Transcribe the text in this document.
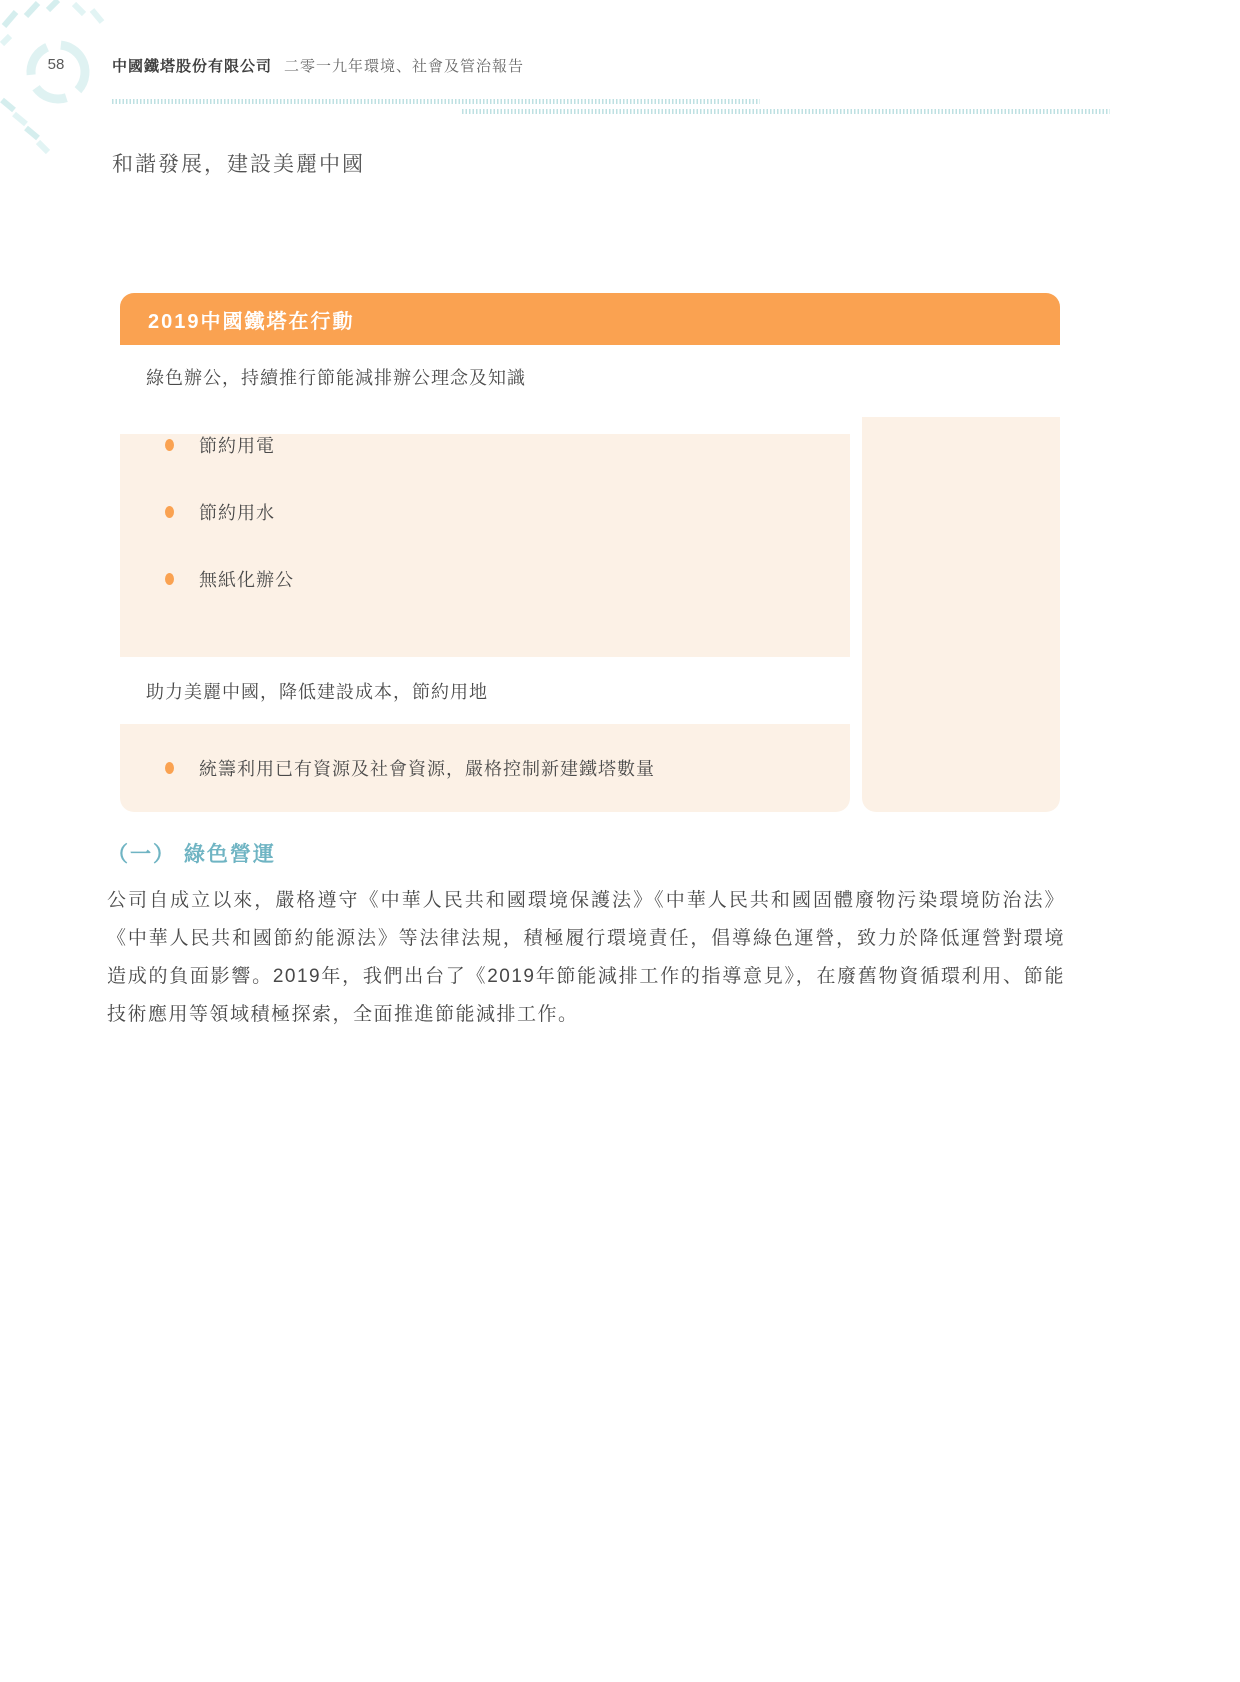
58	中國鐵塔股份有限公司 二零一九年環境、社會及管治報告
和諧發展，建設美麗中國
2019中國鐵塔在行動
綠色辦公，持續推行節能減排辦公理念及知識
節約用電
節約用水
無紙化辦公
助力美麗中國，降低建設成本，節約用地
統籌利用已有資源及社會資源，嚴格控制新建鐵塔數量
（一） 綠色營運

公司自成立以來，嚴格遵守《中華人民共和國環境保護法》《中華人民共和國固體廢物污染環境防治法》《中華人民共和國節約能源法》等法律法規，積極履行環境責任，倡導綠色運營，致力於降低運營對環境造成的負面影響。2019年，我們出台了《2019年節能減排工作的指導意見》，在廢舊物資循環利用、節能技術應用等領域積極探索，全面推進節能減排工作。
